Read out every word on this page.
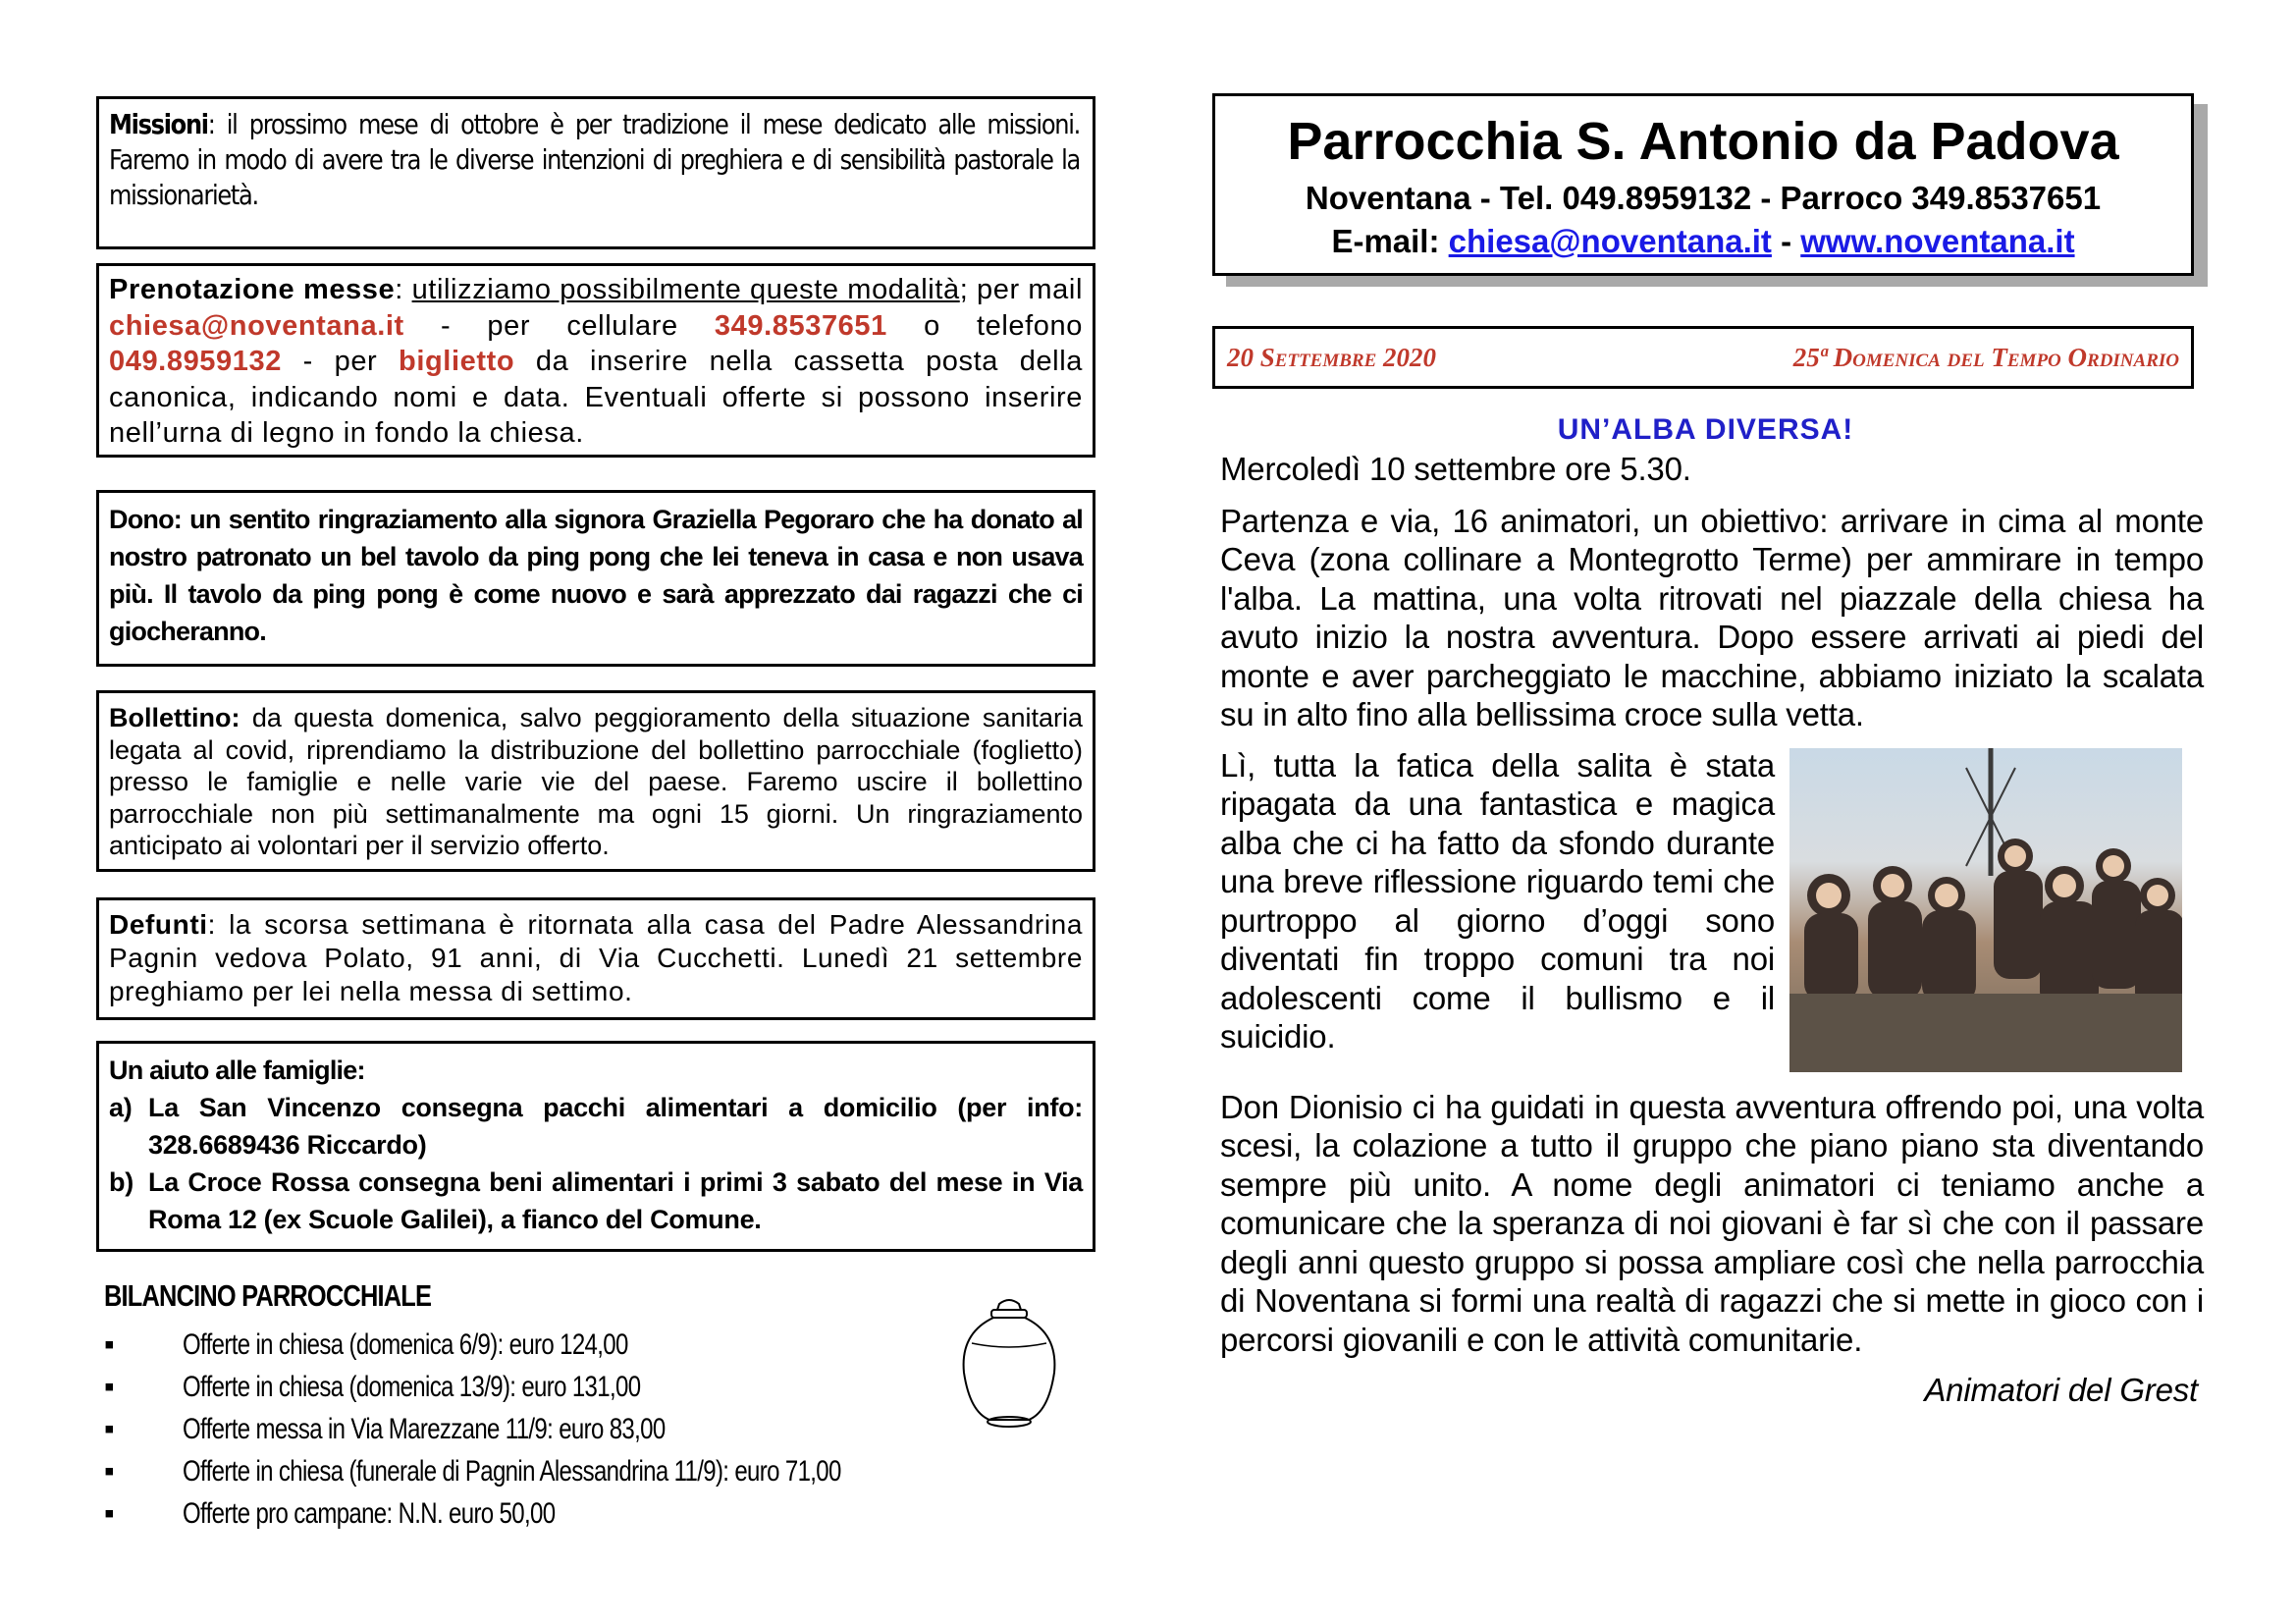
Missioni: il prossimo mese di ottobre è per tradizione il mese dedicato alle missioni. Faremo in modo di avere tra le diverse intenzioni di preghiera e di sensibilità pastorale la missionarietà.

Prenotazione messe: utilizziamo possibilmente queste modalità; per mail chiesa@noventana.it - per cellulare 349.8537651 o telefono 049.8959132 - per biglietto da inserire nella cassetta posta della canonica, indicando nomi e data. Eventuali offerte si possono inserire nell’urna di legno in fondo la chiesa.

Dono: un sentito ringraziamento alla signora Graziella Pegoraro che ha donato al nostro patronato un bel tavolo da ping pong che lei teneva in casa e non usava più. Il tavolo da ping pong è come nuovo e sarà apprezzato dai ragazzi che ci giocheranno.

Bollettino: da questa domenica, salvo peggioramento della situazione sanitaria legata al covid, riprendiamo la distribuzione del bollettino parrocchiale (foglietto) presso le famiglie e nelle varie vie del paese. Faremo uscire il bollettino parrocchiale non più settimanalmente ma ogni 15 giorni. Un ringraziamento anticipato ai volontari per il servizio offerto.

Defunti: la scorsa settimana è ritornata alla casa del Padre Alessandrina Pagnin vedova Polato, 91 anni, di Via Cucchetti. Lunedì 21 settembre preghiamo per lei nella messa di settimo.

Un aiuto alle famiglie:

a) La San Vincenzo consegna pacchi alimentari a domicilio (per info: 328.6689436 Riccardo)
b) La Croce Rossa consegna beni alimentari i primi 3 sabato del mese in Via Roma 12 (ex Scuole Galilei), a fianco del Comune.
BILANCINO PARROCCHIALE
▪ Offerte in chiesa (domenica 6/9): euro 124,00
▪ Offerte in chiesa (domenica 13/9): euro 131,00
▪ Offerte messa in Via Marezzane 11/9: euro 83,00
▪ Offerte in chiesa (funerale di Pagnin Alessandrina 11/9): euro 71,00
▪ Offerte pro campane: N.N. euro 50,00
Parrocchia S. Antonio da Padova
Noventana - Tel. 049.8959132 - Parroco 349.8537651
E-mail: chiesa@noventana.it - www.noventana.it
20 Settembre 2020	25ª Domenica del Tempo Ordinario
UN’ALBA DIVERSA!

Mercoledì 10 settembre ore 5.30.

Partenza e via, 16 animatori, un obiettivo: arrivare in cima al monte Ceva (zona collinare a Montegrotto Terme) per ammirare in tempo l'alba. La mattina, una volta ritrovati nel piazzale della chiesa ha avuto inizio la nostra avventura. Dopo essere arrivati ai piedi del monte e aver parcheggiato le macchine, abbiamo iniziato la scalata su in alto fino alla bellissima croce sulla vetta.

Lì, tutta la fatica della salita è stata ripagata da una fantastica e magica alba che ci ha fatto da sfondo durante una breve riflessione riguardo temi che purtroppo al giorno d’oggi sono diventati fin troppo comuni tra noi adolescenti come il bullismo e il suicidio.

Don Dionisio ci ha guidati in questa avventura offrendo poi, una volta scesi, la colazione a tutto il gruppo che piano piano sta diventando sempre più unito. A nome degli animatori ci teniamo anche a comunicare che la speranza di noi giovani è far sì che con il passare degli anni questo gruppo si possa ampliare così che nella parrocchia di Noventana si formi una realtà di ragazzi che si mette in gioco con i percorsi giovanili e con le attività comunitarie.

Animatori del Grest
